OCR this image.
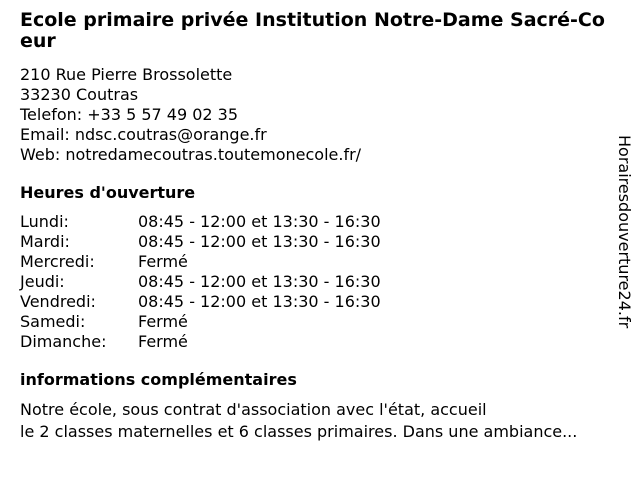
Ecole primaire privée Institution Notre-Dame Sacré-Coeur
210 Rue Pierre Brossolette
33230 Coutras
Telefon: +33 5 57 49 02 35
Email: ndsc.coutras@orange.fr
Web: notredamecoutras.toutemonecole.fr/
Heures d'ouverture
Lundi:	08:45 - 12:00 et 13:30 - 16:30
Mardi:	08:45 - 12:00 et 13:30 - 16:30
Mercredi:	Fermé
Jeudi:	08:45 - 12:00 et 13:30 - 16:30
Vendredi:	08:45 - 12:00 et 13:30 - 16:30
Samedi:	Fermé
Dimanche:	Fermé
informations complémentaires
Notre école, sous contrat d'association avec l'état, accueil
le 2 classes maternelles et 6 classes primaires. Dans une ambiance...
Horairesdouverture24.fr
